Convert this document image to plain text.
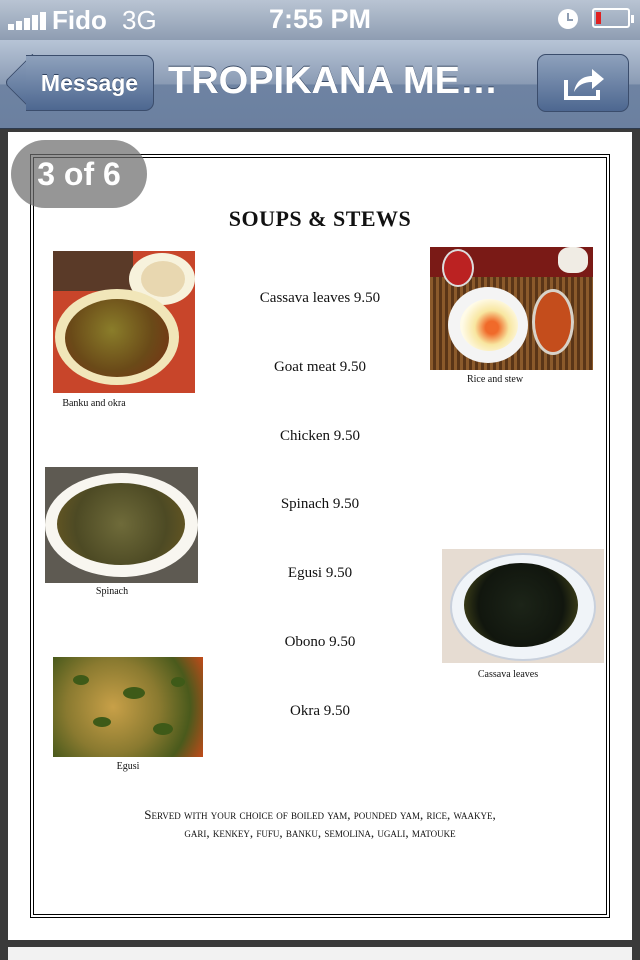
Fido 3G	7:55 PM
Message TROPIKANA ME…
SOUPS & STEWS
Cassava leaves 9.50
Goat meat 9.50
Chicken 9.50
Spinach 9.50
Egusi 9.50
Obono 9.50
Okra 9.50
Banku and okra
Rice and stew
Spinach
Cassava leaves
Egusi
Served with your choice of boiled yam, pounded yam, rice, waakye,
gari, kenkey, fufu, banku, semolina, ugali, matouke
3 of 6
